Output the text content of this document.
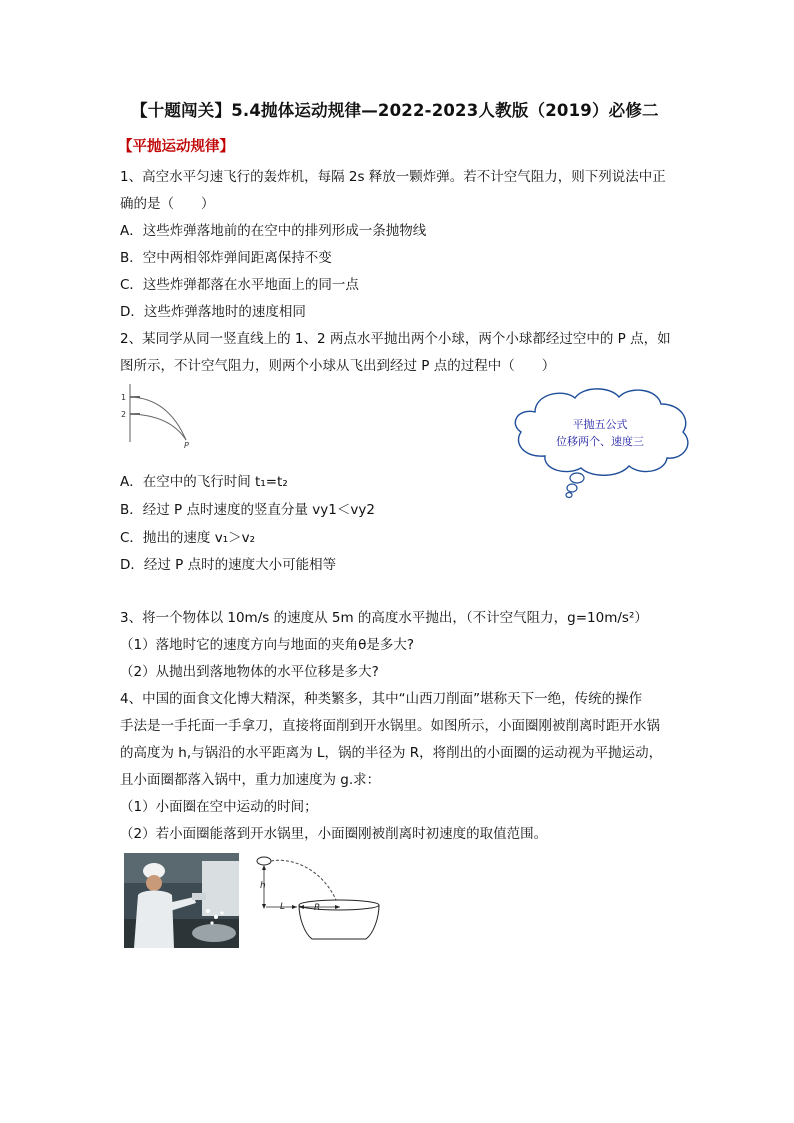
【十题闯关】5.4抛体运动规律—2022-2023人教版（2019）必修二
【平抛运动规律】
1、高空水平匀速飞行的轰炸机，每隔 2s 释放一颗炸弹。若不计空气阻力，则下列说法中正
确的是（　　）
A．这些炸弹落地前的在空中的排列形成一条抛物线
B．空中两相邻炸弹间距离保持不变
C．这些炸弹都落在水平地面上的同一点
D．这些炸弹落地时的速度相同
2、某同学从同一竖直线上的 1、2 两点水平抛出两个小球，两个小球都经过空中的 P 点，如
图所示，不计空气阻力，则两个小球从飞出到经过 P 点的过程中（　　）
1
2
P
平抛五公式
位移两个、速度三
A．在空中的飞行时间 t₁=t₂
B．经过 P 点时速度的竖直分量 vy1＜vy2
C．抛出的速度 v₁＞v₂
D．经过 P 点时的速度大小可能相等
3、将一个物体以 10m/s 的速度从 5m 的高度水平抛出，（不计空气阻力，g=10m/s²）
（1）落地时它的速度方向与地面的夹角θ是多大?
（2）从抛出到落地物体的水平位移是多大?
4、中国的面食文化博大精深，种类繁多，其中“山西刀削面”堪称天下一绝，传统的操作
手法是一手托面一手拿刀，直接将面削到开水锅里。如图所示，小面圈刚被削离时距开水锅
的高度为 h,与锅沿的水平距离为 L，锅的半径为 R，将削出的小面圈的运动视为平抛运动，
且小面圈都落入锅中，重力加速度为 g.求：
（1）小面圈在空中运动的时间；
（2）若小面圈能落到开水锅里，小面圈刚被削离时初速度的取值范围。
h
L	R
